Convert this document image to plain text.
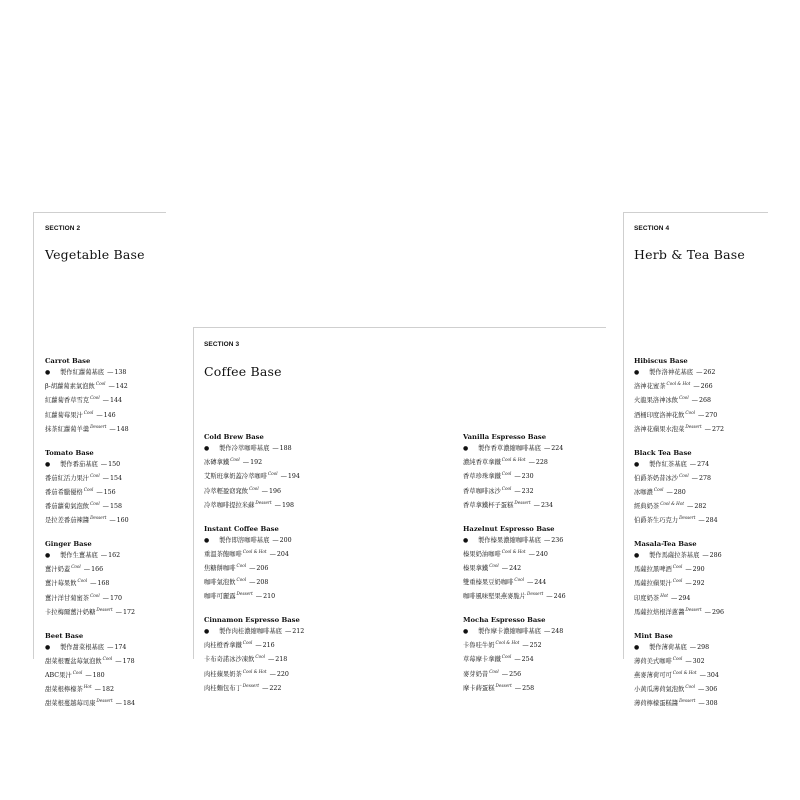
SECTION 2
Vegetable Base
Carrot Base
● 製作紅蘿蔔基底 —138
β-胡蘿蔔素氣泡飲$^{Cool}$ —142
紅蘿蔔香草雪克$^{Cool}$ —144
紅蘿蔔莓果汁$^{Cool}$ —146
抹茶紅蘿蔔羊羹$^{Dessert}$ —148
Tomato Base
● 製作番茄基底 —150
番茄紅活力果汁$^{Cool}$ —154
番茄希臘優格$^{Cool}$ —156
番茄蘿蔔氣泡飲$^{Cool}$ —158
是拉差番茄辣醬$^{Dessert}$ —160
Ginger Base
● 製作生薑基底 —162
薑汁奶蓋$^{Cool}$ —166
薑汁莓果飲$^{Cool}$ —168
薑汁洋甘菊蜜茶$^{Cool}$ —170
卡拉梅爾薑汁奶糖$^{Dessert}$ —172
Beet Base
● 製作甜菜根基底 —174
甜菜根覆盆莓氣泡飲$^{Cool}$ —178
ABC果汁$^{Cool}$ —180
甜菜根檸檬茶$^{Hot}$ —182
甜菜根蔓越莓司康$^{Dessert}$ —184
SECTION 3
Coffee Base
Cold Brew Base
● 製作冷萃咖啡基底 —188
冰磚拿鐵$^{Cool}$ —192
艾斯班拿奶蓋冷萃咖啡$^{Cool}$ —194
冷萃輕盈窈窕飲$^{Cool}$ —196
冷萃咖啡提拉米蘇$^{Dessert}$ —198
Instant Coffee Base
● 製作即溶咖啡基底 —200
重溫茶飽咖啡$^{Cool \& Hot}$ —204
焦糖餅咖啡$^{Cool}$ —206
咖啡氣泡飲$^{Cool}$ —208
咖啡可麗露$^{Dessert}$ —210
Cinnamon Espresso Base
● 製作肉桂濃縮咖啡基底 —212
肉桂橙香拿鐵$^{Cool}$ —216
卡布奇諾冰沙凍飲$^{Cool}$ —218
肉桂蘋果奶茶$^{Cool \& Hot}$ —220
肉桂麵包布丁$^{Dessert}$ —222
Vanilla Espresso Base
● 製作香草濃縮咖啡基底 —224
濃純香草拿鐵$^{Cool \& Hot}$ —228
香草珍珠拿鐵$^{Cool}$ —230
香草咖啡冰沙$^{Cool}$ —232
香草拿鐵杯子蛋糕$^{Dessert}$ —234
Hazelnut Espresso Base
● 製作榛果濃縮咖啡基底 —236
榛果奶油咖啡$^{Cool \& Hot}$ —240
榛果拿鐵$^{Cool}$ —242
雙重榛果豆奶咖啡$^{Cool}$ —244
咖啡風味堅果燕麥脆片$^{Dessert}$ —246
Mocha Espresso Base
● 製作摩卡濃縮咖啡基底 —248
卡魯哇牛奶$^{Cool \& Hot}$ —252
草莓摩卡拿鐵$^{Cool}$ —254
麥芽奶昔$^{Cool}$ —256
摩卡蒔蛋糕$^{Dessert}$ —258
SECTION 4
Herb & Tea Base
Hibiscus Base
● 製作洛神花基底 —262
洛神花蜜茶$^{Cool \& Hot}$ —266
火龍果洛神冰飲$^{Cool}$ —268
酒桶印度洛神花飲$^{Cool}$ —270
洛神花蘋果水泡菜$^{Dessert}$ —272
Black Tea Base
● 製作紅茶基底 —274
伯爵茶奶昔冰沙$^{Cool}$ —278
冰咖濃$^{Cool}$ —280
經典奶茶$^{Cool \& Hot}$ —282
伯爵茶生巧克力$^{Dessert}$ —284
Masala-Tea Base
● 製作馬薩拉茶基底 —286
馬薩拉黑啤酒$^{Cool}$ —290
馬薩拉蘋果汁$^{Cool}$ —292
印度奶茶$^{Hot}$ —294
馬薩拉焙根洋蔥醬$^{Dessert}$ —296
Mint Base
● 製作薄荷基底 —298
薄荷美式咖啡$^{Cool}$ —302
燕麥薄荷可可$^{Cool \& Hot}$ —304
小黃瓜薄荷氣泡飲$^{Cool}$ —306
薄荷檸檬蛋糕醬$^{Dessert}$ —308
